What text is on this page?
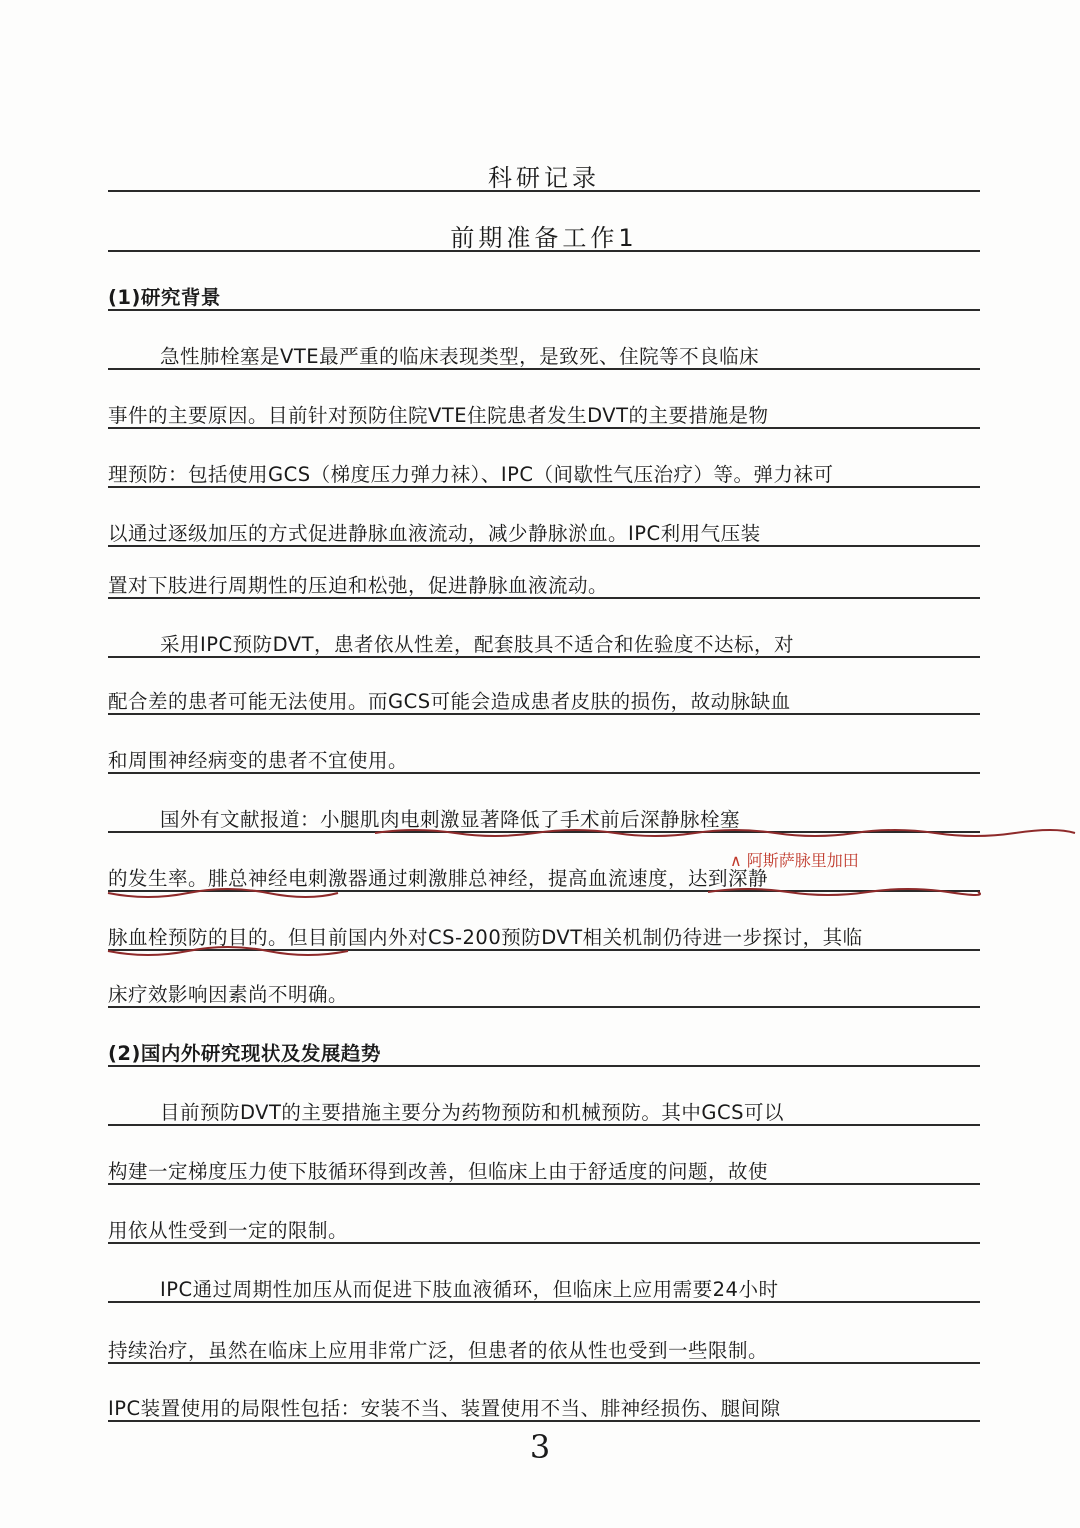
科研记录
前期准备工作1
(1)研究背景
急性肺栓塞是VTE最严重的临床表现类型，是致死、住院等不良临床
事件的主要原因。目前针对预防住院VTE住院患者发生DVT的主要措施是物
理预防：包括使用GCS（梯度压力弹力袜）、IPC（间歇性气压治疗）等。弹力袜可
以通过逐级加压的方式促进静脉血液流动，减少静脉淤血。IPC利用气压装
置对下肢进行周期性的压迫和松弛，促进静脉血液流动。
采用IPC预防DVT，患者依从性差，配套肢具不适合和佐验度不达标，对
配合差的患者可能无法使用。而GCS可能会造成患者皮肤的损伤，故动脉缺血
和周围神经病变的患者不宜使用。
国外有文献报道：小腿肌肉电刺激显著降低了手术前后深静脉栓塞
的发生率。腓总神经电刺激器通过刺激腓总神经，提高血流速度，达到深静
脉血栓预防的目的。但目前国内外对CS-200预防DVT相关机制仍待进一步探讨，其临
床疗效影响因素尚不明确。
(2)国内外研究现状及发展趋势
目前预防DVT的主要措施主要分为药物预防和机械预防。其中GCS可以
构建一定梯度压力使下肢循环得到改善，但临床上由于舒适度的问题，故使
用依从性受到一定的限制。
IPC通过周期性加压从而促进下肢血液循环，但临床上应用需要24小时
持续治疗，虽然在临床上应用非常广泛，但患者的依从性也受到一些限制。
IPC装置使用的局限性包括：安装不当、装置使用不当、腓神经损伤、腿间隙
∧ 阿斯萨脉里加田
3
